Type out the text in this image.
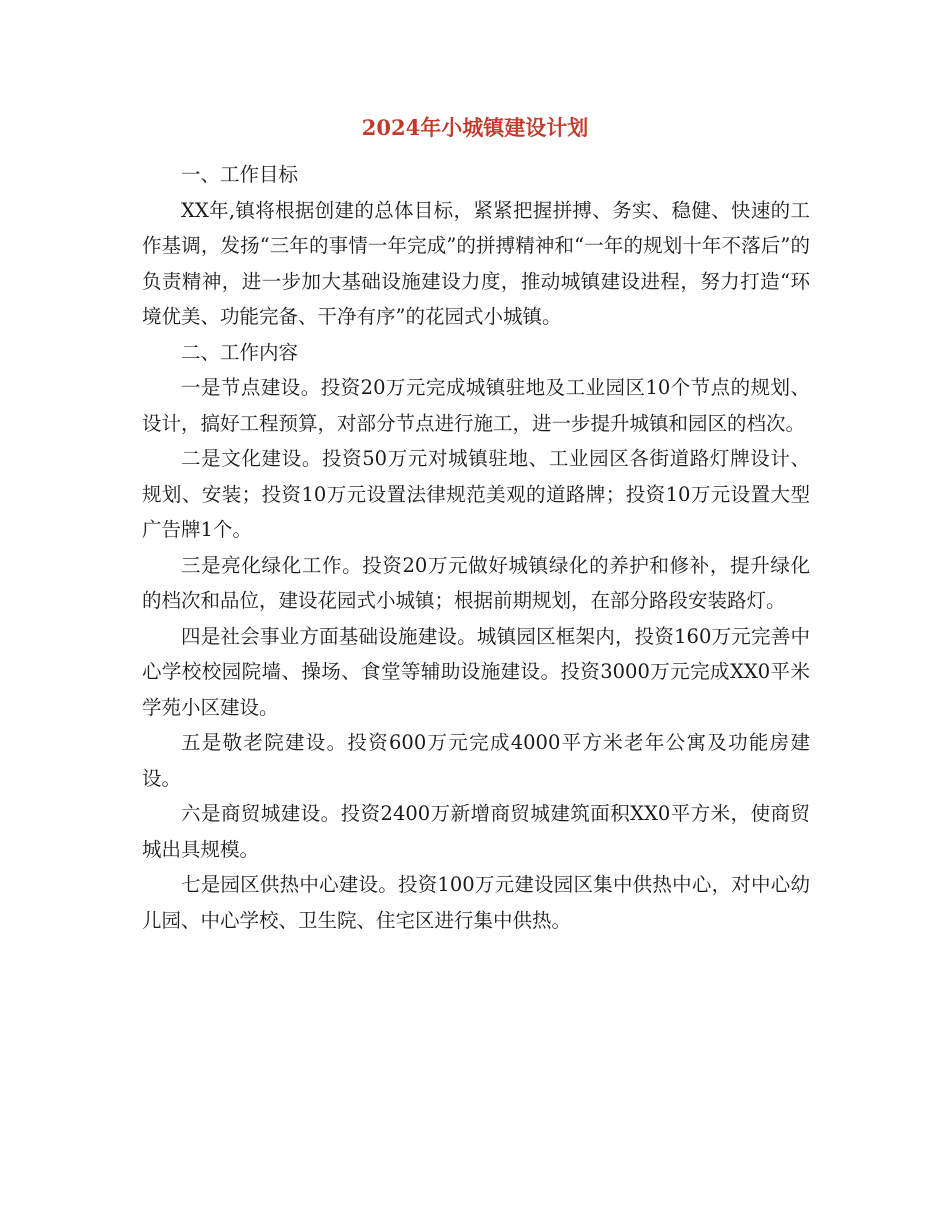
2024年小城镇建设计划

一、工作目标

XX年,镇将根据创建的总体目标，紧紧把握拼搏、务实、稳健、快速的工作基调，发扬“三年的事情一年完成”的拼搏精神和“一年的规划十年不落后”的负责精神，进一步加大基础设施建设力度，推动城镇建设进程，努力打造“环境优美、功能完备、干净有序”的花园式小城镇。

二、工作内容

一是节点建设。投资20万元完成城镇驻地及工业园区10个节点的规划、设计，搞好工程预算，对部分节点进行施工，进一步提升城镇和园区的档次。

二是文化建设。投资50万元对城镇驻地、工业园区各街道路灯牌设计、规划、安装；投资10万元设置法律规范美观的道路牌；投资10万元设置大型广告牌1个。

三是亮化绿化工作。投资20万元做好城镇绿化的养护和修补，提升绿化的档次和品位，建设花园式小城镇；根据前期规划，在部分路段安装路灯。

四是社会事业方面基础设施建设。城镇园区框架内，投资160万元完善中心学校校园院墙、操场、食堂等辅助设施建设。投资3000万元完成XX0平米学苑小区建设。

五是敬老院建设。投资600万元完成4000平方米老年公寓及功能房建设。

六是商贸城建设。投资2400万新增商贸城建筑面积XX0平方米，使商贸城出具规模。

七是园区供热中心建设。投资100万元建设园区集中供热中心，对中心幼儿园、中心学校、卫生院、住宅区进行集中供热。
